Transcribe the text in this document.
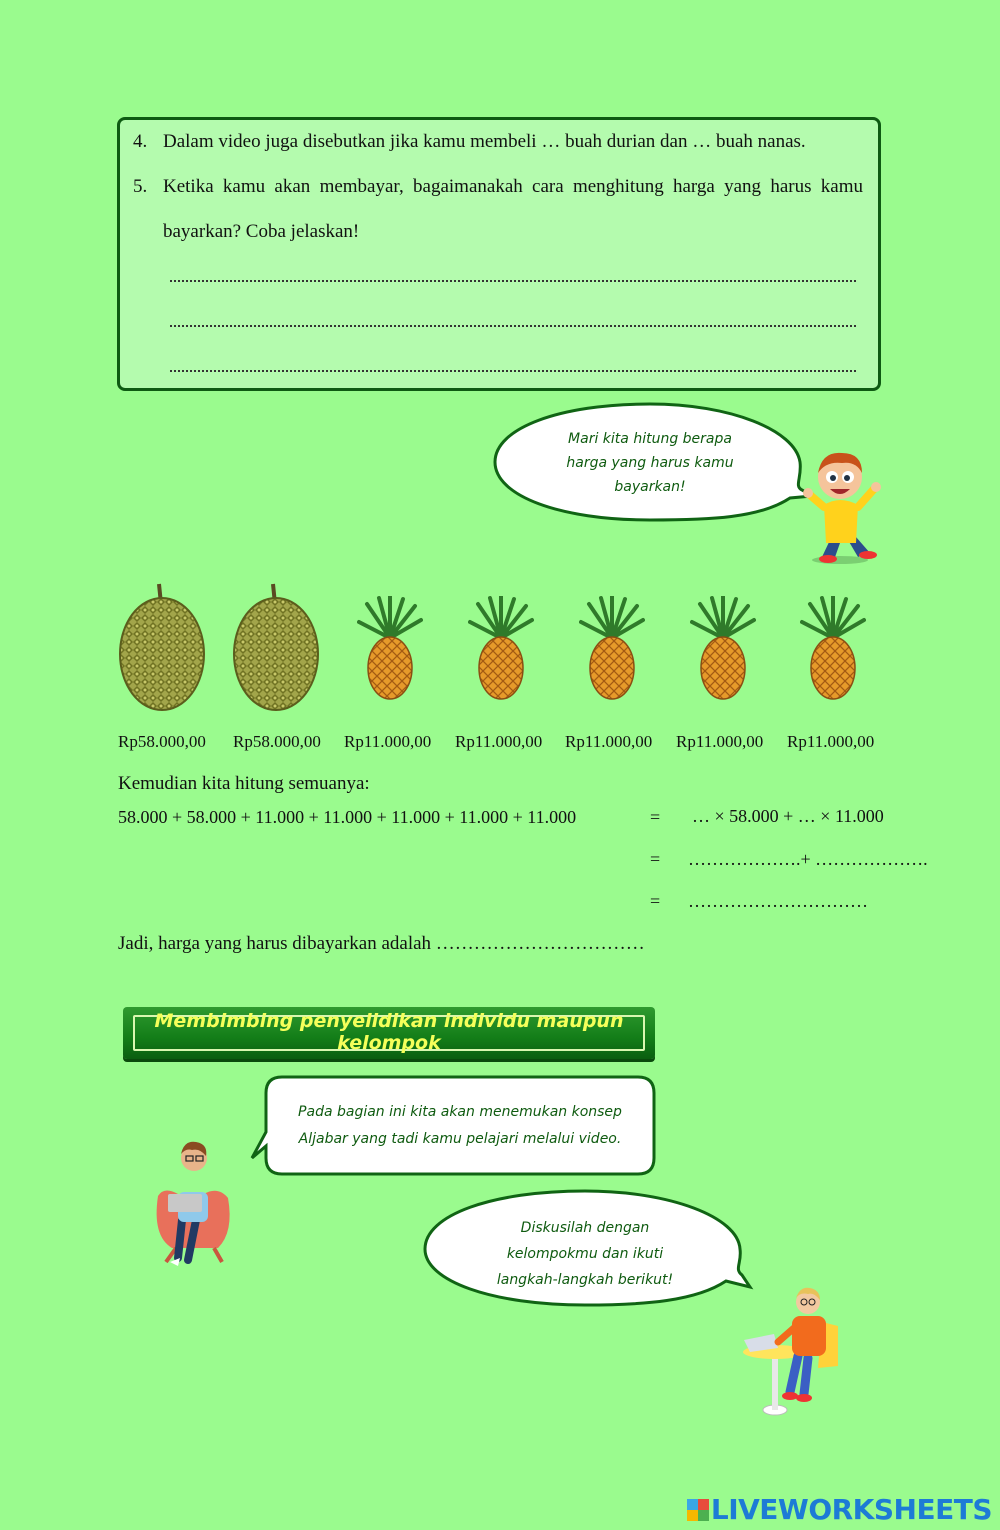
4. Dalam video juga disebutkan jika kamu membeli … buah durian dan … buah nanas.
5. Ketika kamu akan membayar, bagaimanakah cara menghitung harga yang harus kamu
bayarkan? Coba jelaskan!
Mari kita hitung berapa
harga yang harus kamu
bayarkan!
Rp58.000,00 Rp58.000,00 Rp11.000,00 Rp11.000,00 Rp11.000,00 Rp11.000,00 Rp11.000,00
Kemudian kita hitung semuanya:
58.000 + 58.000 + 11.000 + 11.000 + 11.000 + 11.000 + 11.000	= … × 58.000 + … × 11.000
= ……………….+ ……………….
= …………………………
Jadi, harga yang harus dibayarkan adalah ……………………………
Membimbing penyelidikan individu maupun kelompok
Pada bagian ini kita akan menemukan konsep
Aljabar yang tadi kamu pelajari melalui video.
Diskusilah dengan
kelompokmu dan ikuti
langkah-langkah berikut!
LIVEWORKSHEETS
